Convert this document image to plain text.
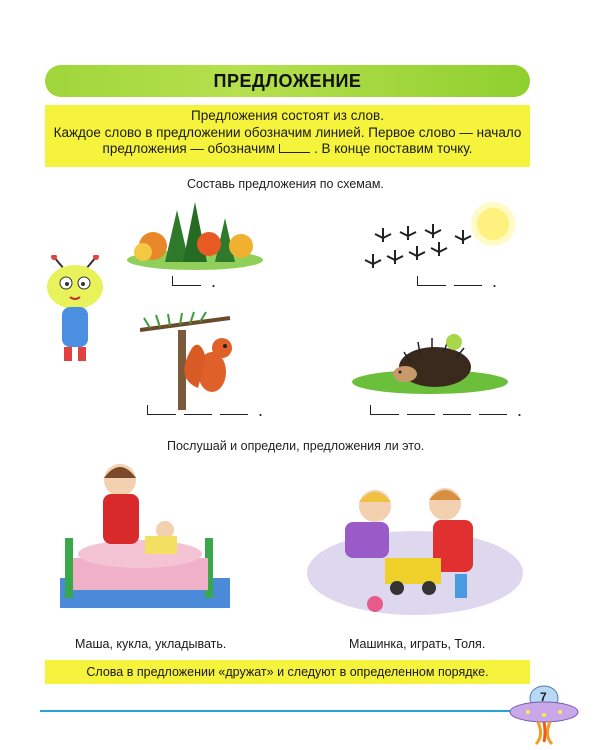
ПРЕДЛОЖЕНИЕ
Предложения состоят из слов.
Каждое слово в предложении обозначим линией. Первое слово — начало
предложения — обозначим	. В конце поставим точку.
Составь предложения по схемам.
.	.
.	.
Послушай и определи, предложения ли это.
Маша, кукла, укладывать.	Машинка, играть, Толя.
Слова в предложении «дружат» и следуют в определенном порядке.
7
